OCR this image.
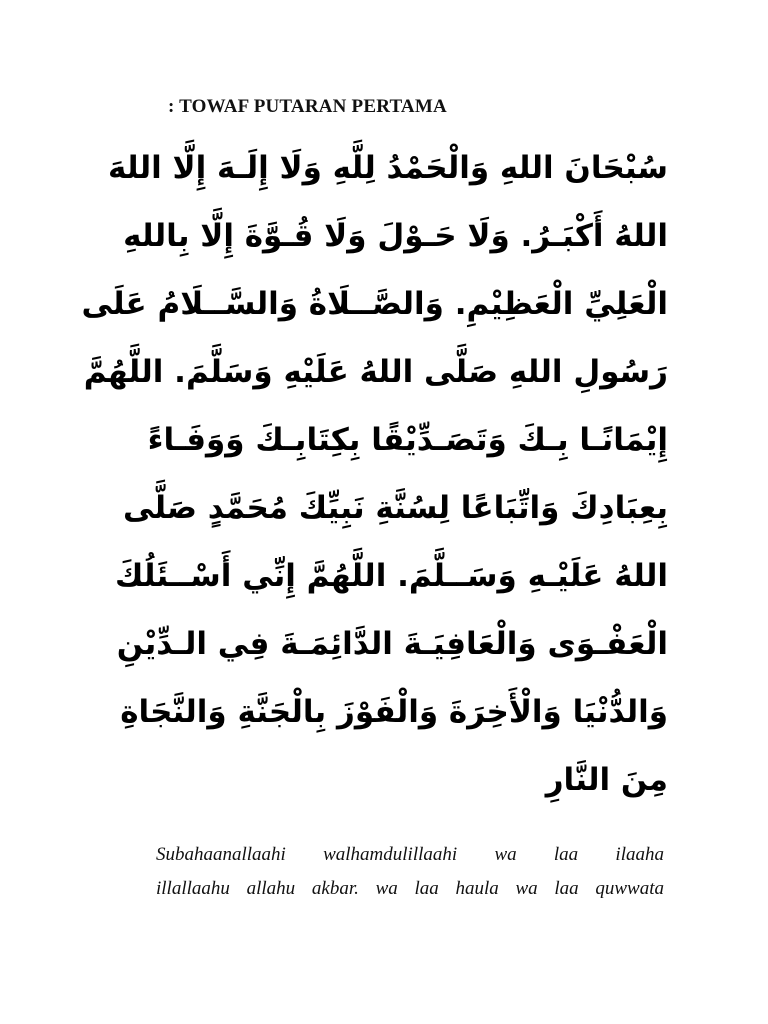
: TOWAF PUTARAN PERTAMA
سُبْحَانَ اللهِ وَالْحَمْدُ لِلَّهِ وَلَا إِلَـهَ إِلَّا اللهَ
اللهُ أَكْبَـرُ. وَلَا حَـوْلَ وَلَا قُـوَّةَ إِلَّا بِاللهِ
الْعَلِيِّ الْعَظِيْمِ. وَالصَّــلَاةُ وَالسَّــلَامُ عَلَى
رَسُولِ اللهِ صَلَّى اللهُ عَلَيْهِ وَسَلَّمَ. اللَّهُمَّ
إِيْمَانًـا بِـكَ وَتَصَـدِّيْقًا بِكِتَابِـكَ وَوَفَـاءً
بِعِبَادِكَ وَاتِّبَاعًا لِسُنَّةِ نَبِيِّكَ مُحَمَّدٍ صَلَّى
اللهُ عَلَيْـهِ وَسَــلَّمَ. اللَّهُمَّ إِنِّي أَسْــئَلُكَ
الْعَفْـوَى وَالْعَافِيَـةَ الدَّائِمَـةَ فِي الـدِّيْنِ
وَالدُّنْيَا وَالْأَخِرَةَ وَالْفَوْزَ بِالْجَنَّةِ وَالنَّجَاةِ
مِنَ النَّارِ
Subahaanallaahi walhamdulillaahi wa laa ilaaha
illallaahu allahu akbar. wa laa haula wa laa quwwata
